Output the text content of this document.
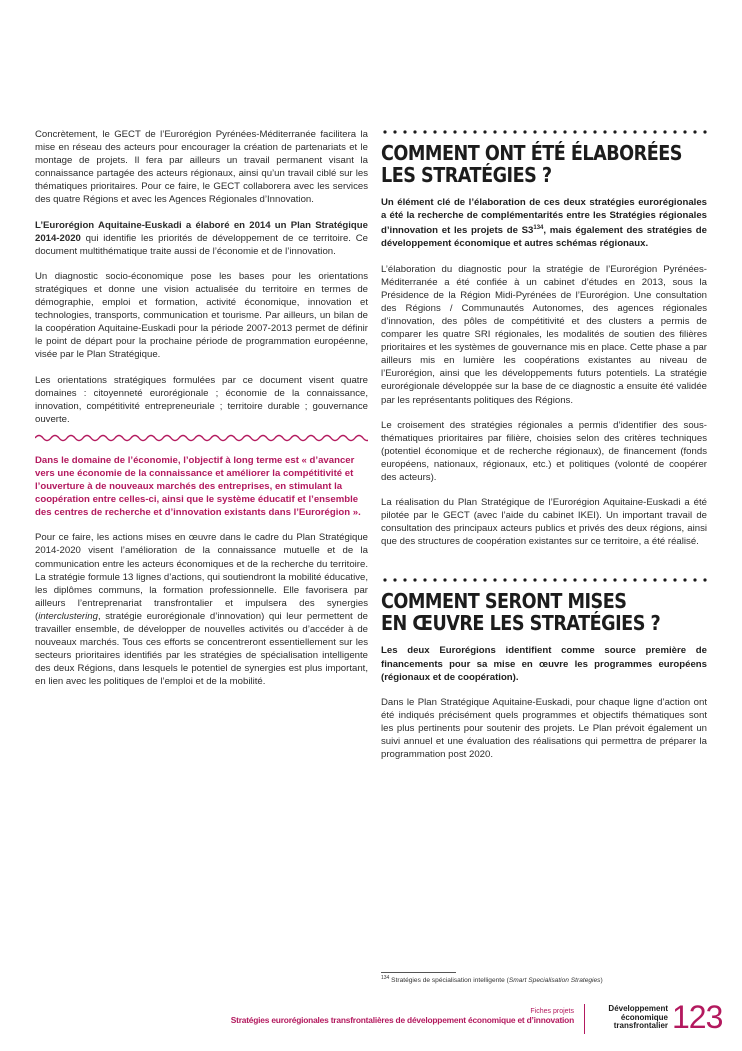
Concrètement, le GECT de l’Eurorégion Pyrénées-Méditerranée facilitera la mise en réseau des acteurs pour encourager la création de partenariats et le montage de projets. Il fera par ailleurs un travail permanent visant la connaissance partagée des acteurs régionaux, ainsi qu’un travail ciblé sur les thématiques prioritaires. Pour ce faire, le GECT collaborera avec les services des quatre Régions et avec les Agences Régionales d’Innovation.

L’Eurorégion Aquitaine-Euskadi a élaboré en 2014 un Plan Stratégique 2014-2020 qui identifie les priorités de développement de ce territoire. Ce document multithématique traite aussi de l’économie et de l’innovation.

Un diagnostic socio-économique pose les bases pour les orientations stratégiques et donne une vision actualisée du territoire en termes de démographie, emploi et formation, activité économique, innovation et technologies, transports, communication et tourisme. Par ailleurs, un bilan de la coopération Aquitaine-Euskadi pour la période 2007-2013 permet de définir le point de départ pour la prochaine période de programmation européenne, visée par le Plan Stratégique.

Les orientations stratégiques formulées par ce document visent quatre domaines : citoyenneté eurorégionale ; économie de la connaissance, innovation, compétitivité entrepreneuriale ; territoire durable ; gouvernance ouverte.

Dans le domaine de l’économie, l’objectif à long terme est « d’avancer vers une économie de la connaissance et améliorer la compétitivité et l’ouverture à de nouveaux marchés des entreprises, en stimulant la coopération entre celles-ci, ainsi que le système éducatif et l’ensemble des centres de recherche et d’innovation existants dans l’Eurorégion ».

Pour ce faire, les actions mises en œuvre dans le cadre du Plan Stratégique 2014-2020 visent l’amélioration de la connaissance mutuelle et de la communication entre les acteurs économiques et de la recherche du territoire. La stratégie formule 13 lignes d’actions, qui soutiendront la mobilité éducative, les diplômes communs, la formation professionnelle. Elle favorisera par ailleurs l’entreprenariat transfrontalier et impulsera des synergies (interclustering, stratégie eurorégionale d’innovation) qui leur permettent de travailler ensemble, de développer de nouvelles activités ou d’accéder à de nouveaux marchés. Tous ces efforts se concentreront essentiellement sur les secteurs prioritaires identifiés par les stratégies de spécialisation intelligente des deux Régions, dans lesquels le potentiel de synergies est plus important, en lien avec les politiques de l’emploi et de la mobilité.

COMMENT ONT ÉTÉ ÉLABORÉES
LES STRATÉGIES ?

Un élément clé de l’élaboration de ces deux stratégies eurorégionales a été la recherche de complémentarités entre les Stratégies régionales d’innovation et les projets de $S3^{134}$, mais également des stratégies de développement économique et autres schémas régionaux.

L’élaboration du diagnostic pour la stratégie de l’Eurorégion Pyrénées-Méditerranée a été confiée à un cabinet d’études en 2013, sous la Présidence de la Région Midi-Pyrénées de l’Eurorégion. Une consultation des Régions / Communautés Autonomes, des agences régionales d’innovation, des pôles de compétitivité et des clusters a permis de comparer les quatre SRI régionales, les modalités de soutien des filières prioritaires et les systèmes de gouvernance mis en place. Cette phase a par ailleurs mis en lumière les coopérations existantes au niveau de l’Eurorégion, ainsi que les développements futurs potentiels. La stratégie eurorégionale développée sur la base de ce diagnostic a ensuite été validée par les représentants politiques des Régions.

Le croisement des stratégies régionales a permis d’identifier des sous-thématiques prioritaires par filière, choisies selon des critères techniques (potentiel économique et de recherche régionaux), de financement (fonds européens, nationaux, régionaux, etc.) et politiques (volonté de coopérer des acteurs).

La réalisation du Plan Stratégique de l’Eurorégion Aquitaine-Euskadi a été pilotée par le GECT (avec l’aide du cabinet IKEI). Un important travail de consultation des principaux acteurs publics et privés des deux régions, ainsi que des structures de coopération existantes sur ce territoire, a été réalisé.

COMMENT SERONT MISES
EN ŒUVRE LES STRATÉGIES ?

Les deux Eurorégions identifient comme source première de financements pour sa mise en œuvre les programmes européens (régionaux et de coopération).

Dans le Plan Stratégique Aquitaine-Euskadi, pour chaque ligne d’action ont été indiqués précisément quels programmes et objectifs thématiques sont les plus pertinents pour soutenir des projets. Le Plan prévoit également un suivi annuel et une évaluation des réalisations qui permettra de préparer la programmation post 2020.

$^{134}$ Stratégies de spécialisation intelligente (Smart Specialisation Strategies)
Fiches projets
Stratégies eurorégionales transfrontalières de développement économique et d’innovation
Développement
économique
transfrontalier 123
